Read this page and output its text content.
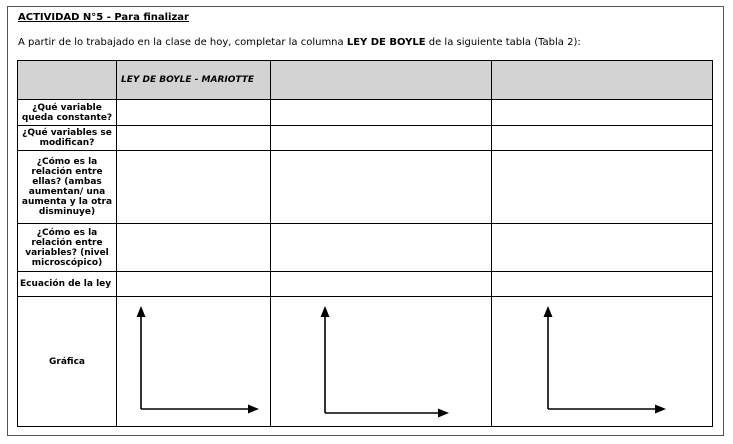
ACTIVIDAD N°5 - Para finalizar
A partir de lo trabajado en la clase de hoy, completar la columna LEY DE BOYLE de la siguiente tabla (Tabla 2):
	LEY DE BOYLE - MARIOTTE		
¿Qué variable queda constante?			
¿Qué variables se modifican?			
¿Cómo es la relación entre ellas? (ambas aumentan/ una aumenta y la otra disminuye)			
¿Cómo es la relación entre variables? (nivel microscópico)			
Ecuación de la ley			
Gráfica	
